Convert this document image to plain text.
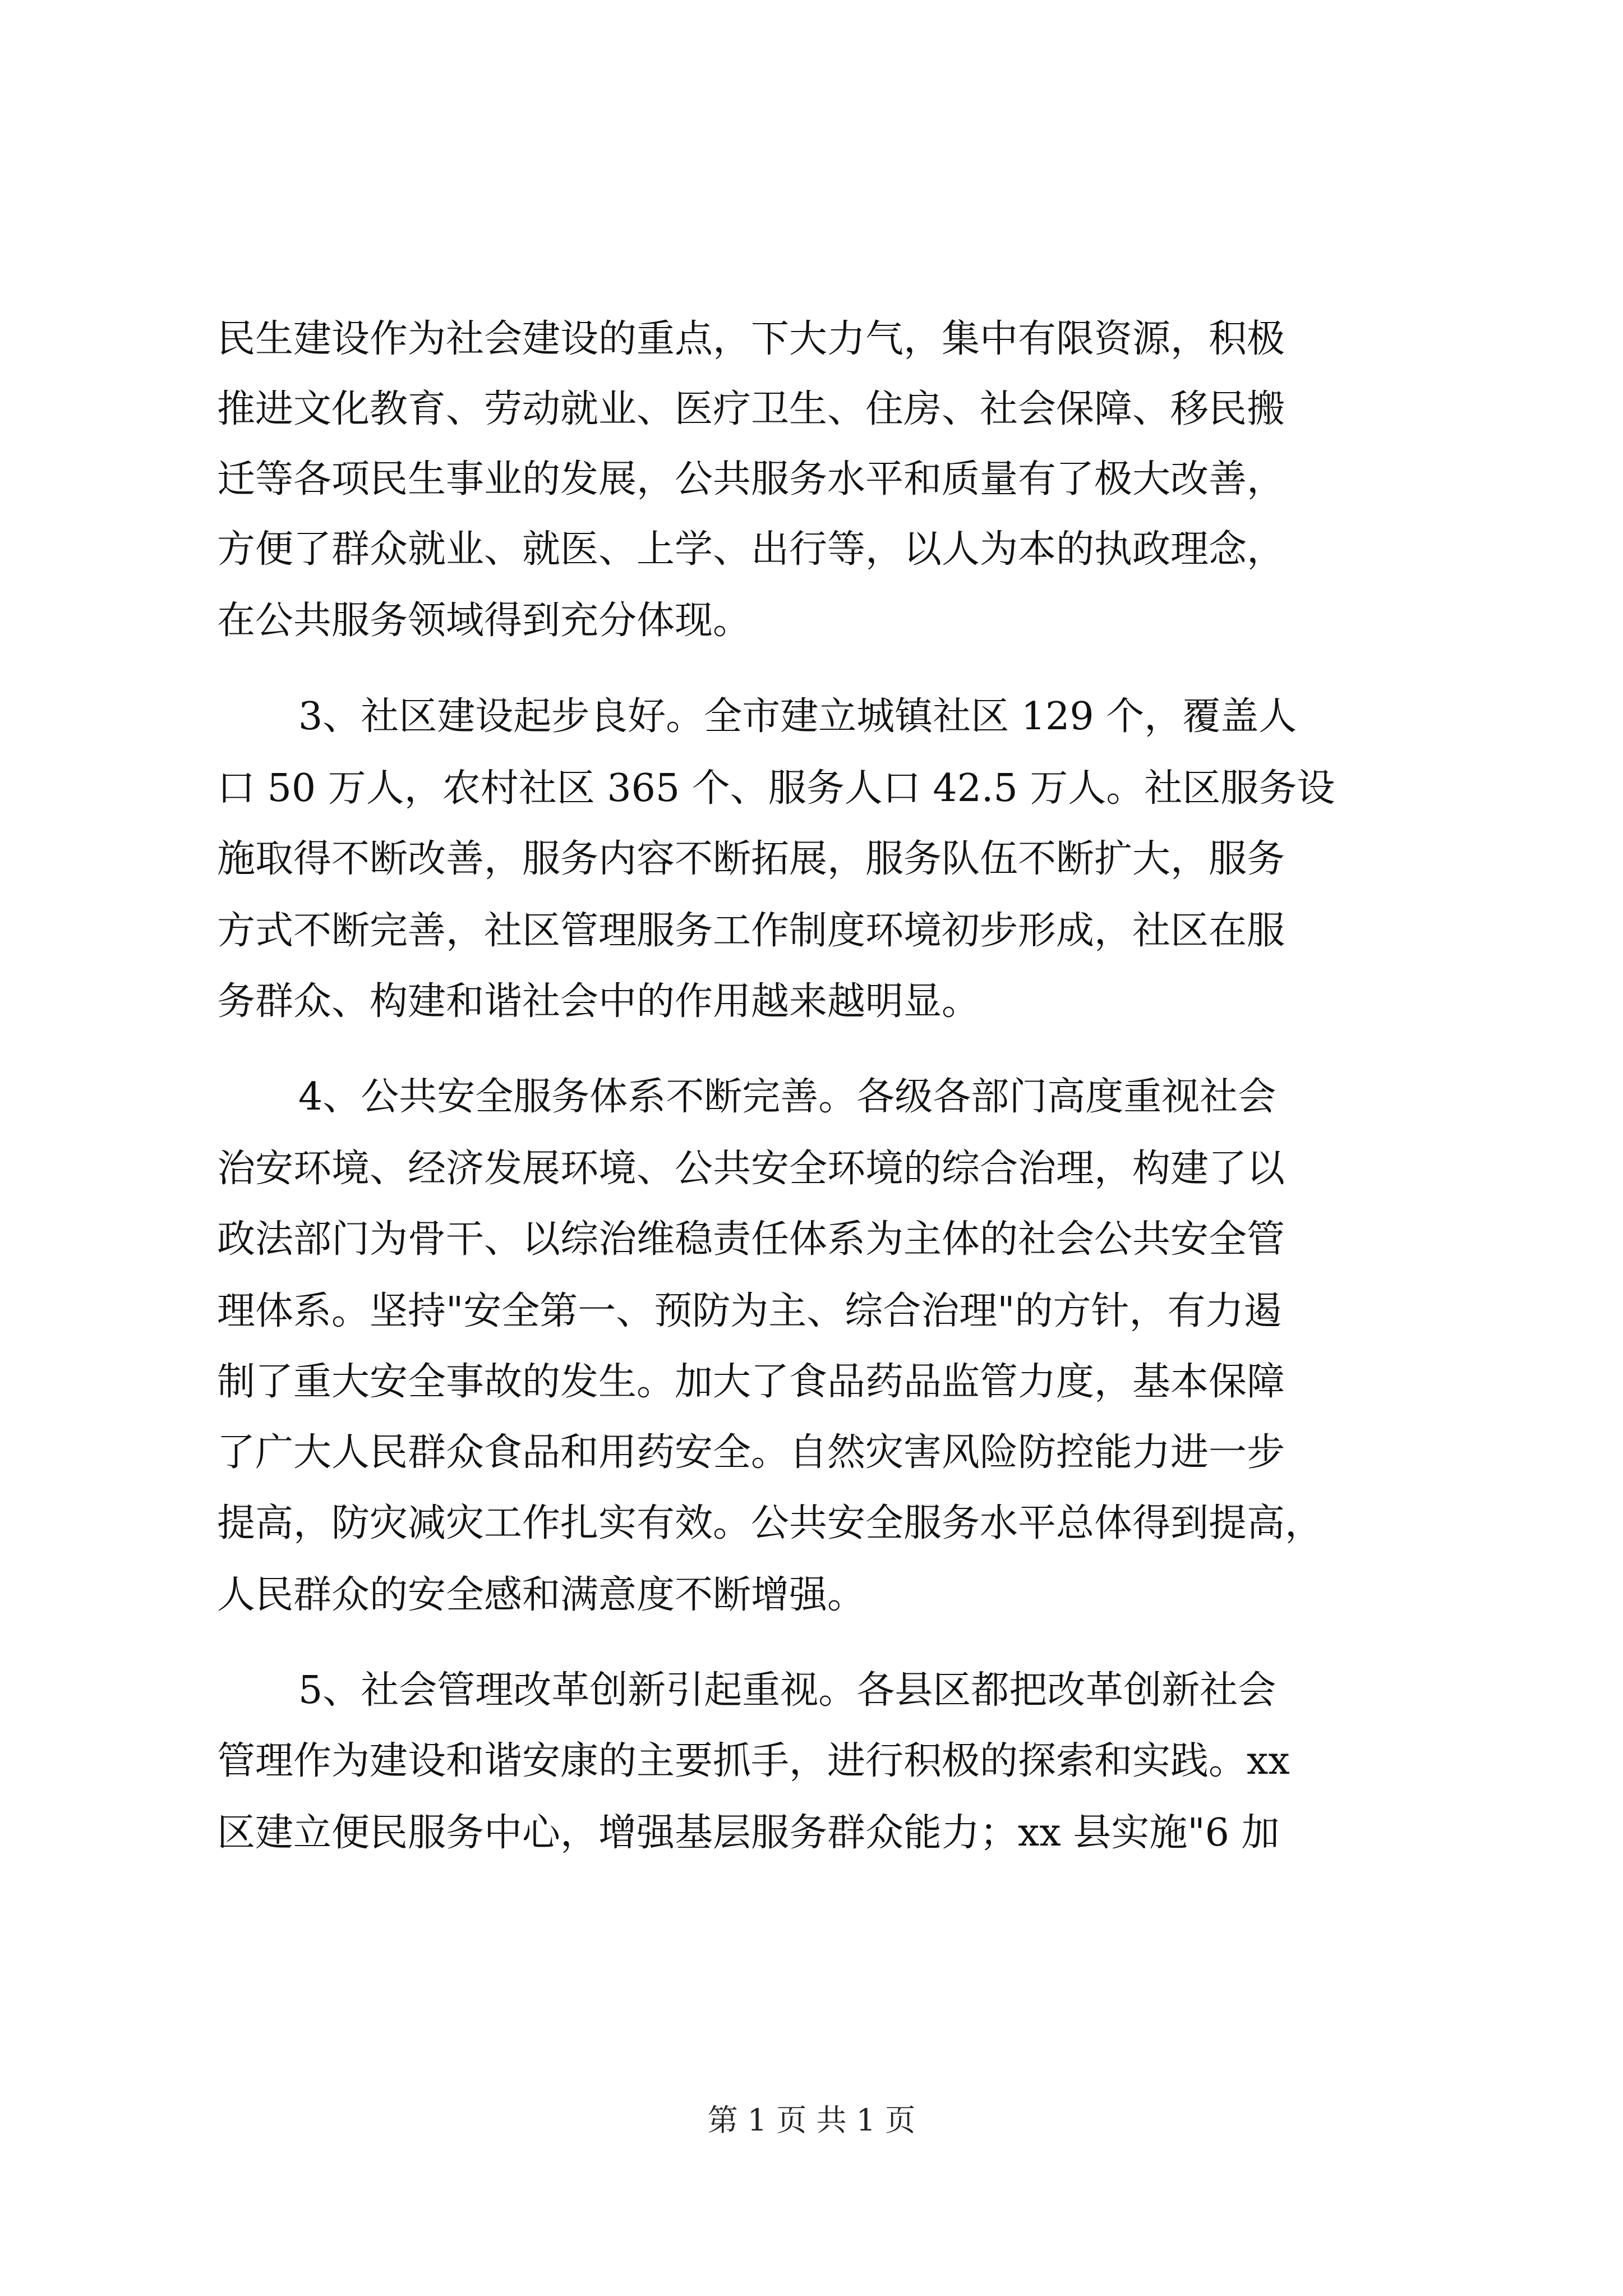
民生建设作为社会建设的重点，下大力气，集中有限资源，积极
推进文化教育、劳动就业、医疗卫生、住房、社会保障、移民搬
迁等各项民生事业的发展，公共服务水平和质量有了极大改善，
方便了群众就业、就医、上学、出行等，以人为本的执政理念，
在公共服务领域得到充分体现。
3、社区建设起步良好。全市建立城镇社区 129 个，覆盖人
口 50 万人，农村社区 365 个、服务人口 42.5 万人。社区服务设
施取得不断改善，服务内容不断拓展，服务队伍不断扩大，服务
方式不断完善，社区管理服务工作制度环境初步形成，社区在服
务群众、构建和谐社会中的作用越来越明显。
4、公共安全服务体系不断完善。各级各部门高度重视社会
治安环境、经济发展环境、公共安全环境的综合治理，构建了以
政法部门为骨干、以综治维稳责任体系为主体的社会公共安全管
理体系。坚持"安全第一、预防为主、综合治理"的方针，有力遏
制了重大安全事故的发生。加大了食品药品监管力度，基本保障
了广大人民群众食品和用药安全。自然灾害风险防控能力进一步
提高，防灾减灾工作扎实有效。公共安全服务水平总体得到提高，
人民群众的安全感和满意度不断增强。
5、社会管理改革创新引起重视。各县区都把改革创新社会
管理作为建设和谐安康的主要抓手，进行积极的探索和实践。xx
区建立便民服务中心，增强基层服务群众能力；xx 县实施"6 加
第 1 页 共 1 页
